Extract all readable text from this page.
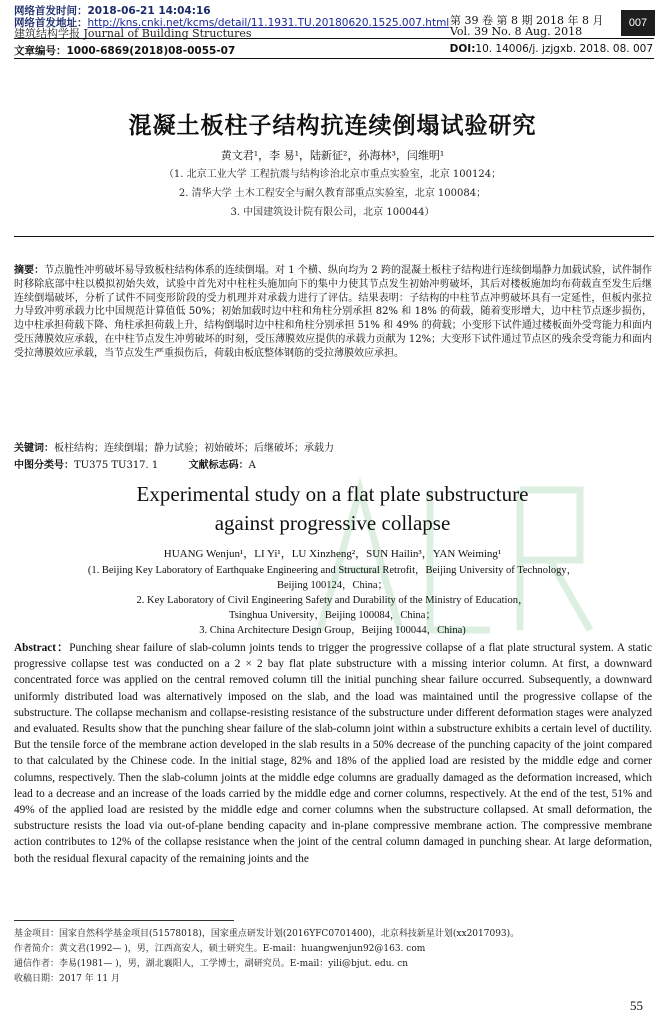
网络首发时间：2018-06-21 14:04:16
网络首发地址：http://kns.cnki.net/kcms/detail/11.1931.TU.20180620.1525.007.html
建筑结构学报 Journal of Building Structures
第 39 卷 第 8 期 2018 年 8 月
Vol. 39 No. 8 Aug. 2018
007
文章编号：1000-6869(2018)08-0055-07	DOI:10. 14006/j. jzjgxb. 2018. 08. 007
混凝土板柱子结构抗连续倒塌试验研究
黄文君¹，李 易¹，陆新征²，孙海林³，闫维明¹
（1. 北京工业大学 工程抗震与结构诊治北京市重点实验室，北京 100124；
2. 清华大学 土木工程安全与耐久教育部重点实验室，北京 100084；
3. 中国建筑设计院有限公司，北京 100044）
摘要：节点脆性冲剪破坏易导致板柱结构体系的连续倒塌。对 1 个横、纵向均为 2 跨的混凝土板柱子结构进行连续倒塌静力加载试验，试件制作时移除底部中柱以模拟初始失效，试验中首先对中柱柱头施加向下的集中力使其节点发生初始冲剪破坏，其后对楼板施加均布荷载直至发生后继连续倒塌破坏，分析了试件不同变形阶段的受力机理并对承载力进行了评估。结果表明：子结构的中柱节点冲剪破坏具有一定延性，但板内张拉力导致冲剪承载力比中国规范计算值低 50%；初始加载时边中柱和角柱分别承担 82% 和 18% 的荷载，随着变形增大，边中柱节点逐步损伤，边中柱承担荷载下降、角柱承担荷载上升，结构倒塌时边中柱和角柱分别承担 51% 和 49% 的荷载；小变形下试件通过楼板面外受弯能力和面内受压薄膜效应承载，在中柱节点发生冲剪破坏的时刻，受压薄膜效应提供的承载力贡献为 12%；大变形下试件通过节点区的残余受弯能力和面内受拉薄膜效应承载，当节点发生严重损伤后，荷载由板底整体钢筋的受拉薄膜效应承担。
关键词：板柱结构；连续倒塌；静力试验；初始破坏；后继破坏；承载力
中图分类号：TU375 TU317. 1	文献标志码：A
Experimental study on a flat plate substructure against progressive collapse
HUANG Wenjun¹，LI Yi¹，LU Xinzheng²，SUN Hailin³，YAN Weiming¹
(1. Beijing Key Laboratory of Earthquake Engineering and Structural Retrofit，Beijing University of Technology，
Beijing 100124，China；
2. Key Laboratory of Civil Engineering Safety and Durability of the Ministry of Education，
Tsinghua University，Beijing 100084，China；
3. China Architecture Design Group，Beijing 100044，China)
Abstract：Punching shear failure of slab-column joints tends to trigger the progressive collapse of a flat plate structural system. A static progressive collapse test was conducted on a 2 × 2 bay flat plate substructure with a missing interior column. At first, a downward concentrated force was applied on the central removed column till the initial punching shear failure occurred. Subsequently, a downward uniformly distributed load was alternatively imposed on the slab, and the load was maintained until the progressive collapse of the substructure. The collapse mechanism and collapse-resisting resistance of the substructure under different deformation stages were analyzed and evaluated. Results show that the punching shear failure of the slab-column joint within a substructure exhibits a certain level of ductility. But the tensile force of the membrane action developed in the slab results in a 50% decrease of the punching capacity of the joint compared to that calculated by the Chinese code. In the initial stage, 82% and 18% of the applied load are resisted by the middle edge and corner columns, respectively. Then the slab-column joints at the middle edge columns are gradually damaged as the deformation increased, which lead to a decrease and an increase of the loads carried by the middle edge and corner columns, respectively. At the end of the test, 51% and 49% of the applied load are resisted by the middle edge and corner columns when the substructure collapsed. At small deformation, the substructure resists the load via out-of-plane bending capacity and in-plane compressive membrane action. The compressive membrane action contributes to 12% of the collapse resistance when the joint of the central column damaged in punching shear. At large deformation, both the residual flexural capacity of the remaining joints and the
基金项目：国家自然科学基金项目(51578018)，国家重点研发计划(2016YFC0701400)，北京科技新星计划(xx2017093)。
作者简介：黄文君(1992— )，男，江西高安人，硕士研究生。E-mail：huangwenjun92@163. com
通信作者：李易(1981— )，男，湖北襄阳人，工学博士，副研究员。E-mail：yili@bjut. edu. cn
收稿日期：2017 年 11 月
55
